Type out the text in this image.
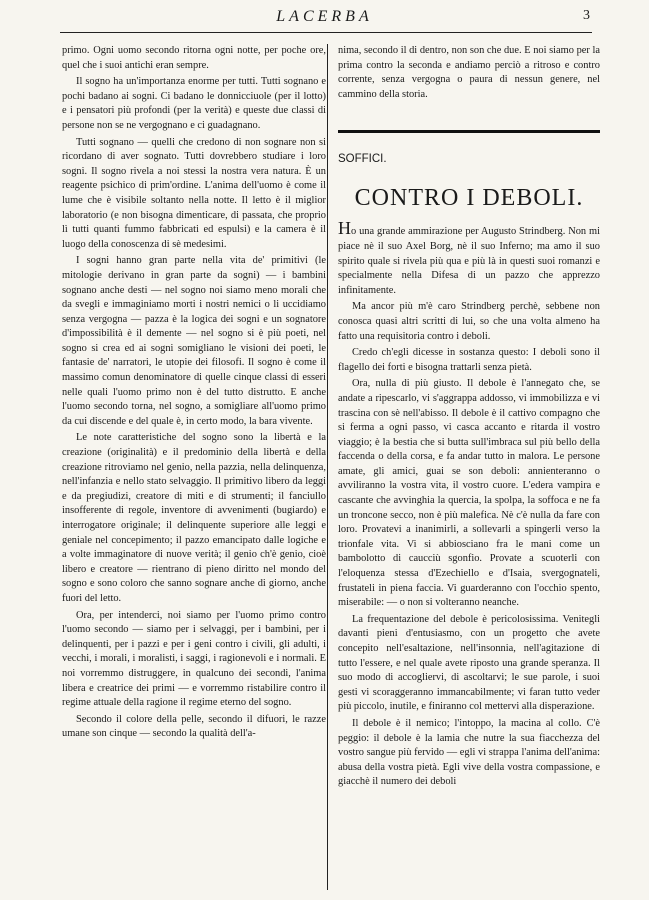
LACERBA	3

primo. Ogni uomo secondo ritorna ogni notte, per poche ore, quel che i suoi antichi eran sempre.

Il sogno ha un'importanza enorme per tutti. Tutti sognano e pochi badano ai sogni. Ci badano le donnicciuole (per il lotto) e i pensatori più profondi (per la verità) e queste due classi di persone non se ne vergognano e ci guadagnano.

Tutti sognano — quelli che credono di non sognare non si ricordano di aver sognato. Tutti dovrebbero studiare i loro sogni. Il sogno rivela a noi stessi la nostra vera natura. È un reagente psichico di prim'ordine. L'anima dell'uomo è come il lume che è visibile soltanto nella notte. Il letto è il miglior laboratorio (e non bisogna dimenticare, di passata, che proprio lì tutti quanti fummo fabbricati ed espulsi) e la camera è il luogo della conoscenza di sè medesimi.

I sogni hanno gran parte nella vita de' primitivi (le mitologie derivano in gran parte da sogni) — i bambini sognano anche desti — nel sogno noi siamo meno morali che da svegli e immaginiamo morti i nostri nemici o li uccidiamo senza vergogna — pazza è la logica dei sogni e un sognatore d'impossibilità è il demente — nel sogno si è più poeti, nel sogno si crea ed ai sogni somigliano le visioni dei poeti, le fantasie de' narratori, le utopie dei filosofi. Il sogno è come il massimo comun denominatore di quelle cinque classi di esseri nelle quali l'uomo primo non è del tutto distrutto. E anche l'uomo secondo torna, nel sogno, a somigliare all'uomo primo da cui discende e del quale è, in certo modo, la bara vivente.

Le note caratteristiche del sogno sono la libertà e la creazione (originalità) e il predominio della libertà e della creazione ritroviamo nel genio, nella pazzia, nella delinquenza, nell'infanzia e nello stato selvaggio. Il primitivo libero da leggi e da pregiudizi, creatore di miti e di strumenti; il fanciullo insofferente di regole, inventore di avvenimenti (bugiardo) e interrogatore originale; il delinquente superiore alle leggi e geniale nel concepimento; il pazzo emancipato dalle logiche e a volte immaginatore di nuove verità; il genio ch'è genio, cioè libero e creatore — rientrano di pieno diritto nel mondo del sogno e sono coloro che sanno sognare anche di giorno, anche fuori del letto.

Ora, per intenderci, noi siamo per l'uomo primo contro l'uomo secondo — siamo per i selvaggi, per i bambini, per i delinquenti, per i pazzi e per i geni contro i civili, gli adulti, i vecchi, i morali, i moralisti, i saggi, i ragionevoli e i normali. E noi vorremmo distruggere, in qualcuno dei secondi, l'anima libera e creatrice dei primi — e vorremmo ristabilire contro il regime attuale della ragione il regime eterno del sogno.

Secondo il colore della pelle, secondo il difuori, le razze umane son cinque — secondo la qualità dell'a-

nima, secondo il di dentro, non son che due. E noi siamo per la prima contro la seconda e andiamo perciò a ritroso e contro corrente, senza vergogna o paura di nessun genere, nel cammino della storia.

SOFFICI.
CONTRO I DEBOLI.

Ho una grande ammirazione per Augusto Strindberg. Non mi piace nè il suo Axel Borg, nè il suo Inferno; ma amo il suo spirito quale si rivela più qua e più là in questi suoi romanzi e specialmente nella Difesa di un pazzo che apprezzo infinitamente.

Ma ancor più m'è caro Strindberg perchè, sebbene non conosca quasi altri scritti di lui, so che una volta almeno ha fatto una requisitoria contro i deboli.

Credo ch'egli dicesse in sostanza questo: I deboli sono il flagello dei forti e bisogna trattarli senza pietà.

Ora, nulla di più giusto. Il debole è l'annegato che, se andate a ripescarlo, vi s'aggrappa addosso, vi immobilizza e vi trascina con sè nell'abisso. Il debole è il cattivo compagno che si ferma a ogni passo, vi casca accanto e ritarda il vostro viaggio; è la bestia che si butta sull'imbraca sul più bello della faccenda o della corsa, e fa andar tutto in malora. Le persone amate, gli amici, guai se son deboli: annienteranno o avviliranno la vostra vita, il vostro cuore. L'edera vampira e cascante che avvinghia la quercia, la spolpa, la soffoca e ne fa un troncone secco, non è più malefica. Nè c'è nulla da fare con loro. Provatevi a inanimirli, a sollevarli a spingerli verso la trionfale vita. Vi si abbiosciano fra le mani come un bambolotto di caucciù sgonfio. Provate a scuoterli con l'eloquenza stessa d'Ezechiello e d'Isaia, svergognateli, frustateli in piena faccia. Vi guarderanno con l'occhio spento, miserabile: — o non si volteranno neanche.

La frequentazione del debole è pericolosissima. Venitegli davanti pieni d'entusiasmo, con un progetto che avete concepito nell'esaltazione, nell'insonnia, nell'agitazione di tutto l'essere, e nel quale avete riposto una grande speranza. Il suo modo di accogliervi, di ascoltarvi; le sue parole, i suoi gesti vi scoraggeranno immancabilmente; vi faran tutto veder più piccolo, inutile, e finiranno col mettervi alla disperazione.

Il debole è il nemico; l'intoppo, la macina al collo. C'è peggio: il debole è la lamia che nutre la sua fiacchezza del vostro sangue più fervido — egli vi strappa l'anima dell'anima: abusa della vostra pietà. Egli vive della vostra compassione, e giacchè il numero dei deboli
